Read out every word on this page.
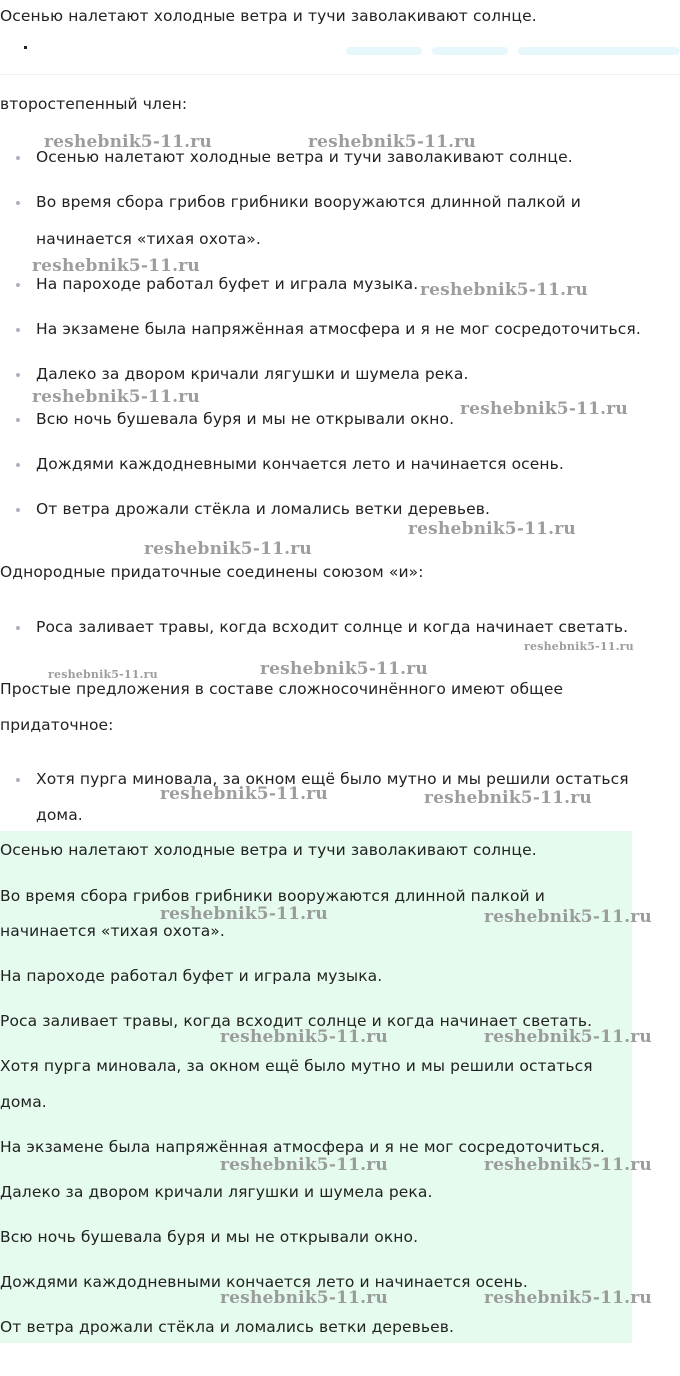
Осенью налетают холодные ветра и тучи заволакивают солнце.
второстепенный член:
Осенью налетают холодные ветра и тучи заволакивают солнце.
Во время сбора грибов грибники вооружаются длинной палкой и
начинается «тихая охота».
На пароходе работал буфет и играла музыка.
На экзамене была напряжённая атмосфера и я не мог сосредоточиться.
Далеко за двором кричали лягушки и шумела река.
Всю ночь бушевала буря и мы не открывали окно.
Дождями каждодневными кончается лето и начинается осень.
От ветра дрожали стёкла и ломались ветки деревьев.
Однородные придаточные соединены союзом «и»:
Роса заливает травы, когда всходит солнце и когда начинает светать.
Простые предложения в составе сложносочинённого имеют общее
придаточное:
Хотя пурга миновала, за окном ещё было мутно и мы решили остаться
дома.
Осенью налетают холодные ветра и тучи заволакивают солнце.
Во время сбора грибов грибники вооружаются длинной палкой и
начинается «тихая охота».
На пароходе работал буфет и играла музыка.
Роса заливает травы, когда всходит солнце и когда начинает светать.
Хотя пурга миновала, за окном ещё было мутно и мы решили остаться
дома.
На экзамене была напряжённая атмосфера и я не мог сосредоточиться.
Далеко за двором кричали лягушки и шумела река.
Всю ночь бушевала буря и мы не открывали окно.
Дождями каждодневными кончается лето и начинается осень.
От ветра дрожали стёкла и ломались ветки деревьев.
reshebnik5-11.ru	reshebnik5-11.ru
reshebnik5-11.ru
reshebnik5-11.ru
reshebnik5-11.ru
reshebnik5-11.ru
reshebnik5-11.ru
reshebnik5-11.ru
reshebnik5-11.ru
reshebnik5-11.ru	reshebnik5-11.ru
reshebnik5-11.ru	reshebnik5-11.ru
reshebnik5-11.ru	reshebnik5-11.ru
reshebnik5-11.ru	reshebnik5-11.ru
reshebnik5-11.ru	reshebnik5-11.ru
reshebnik5-11.ru	reshebnik5-11.ru
